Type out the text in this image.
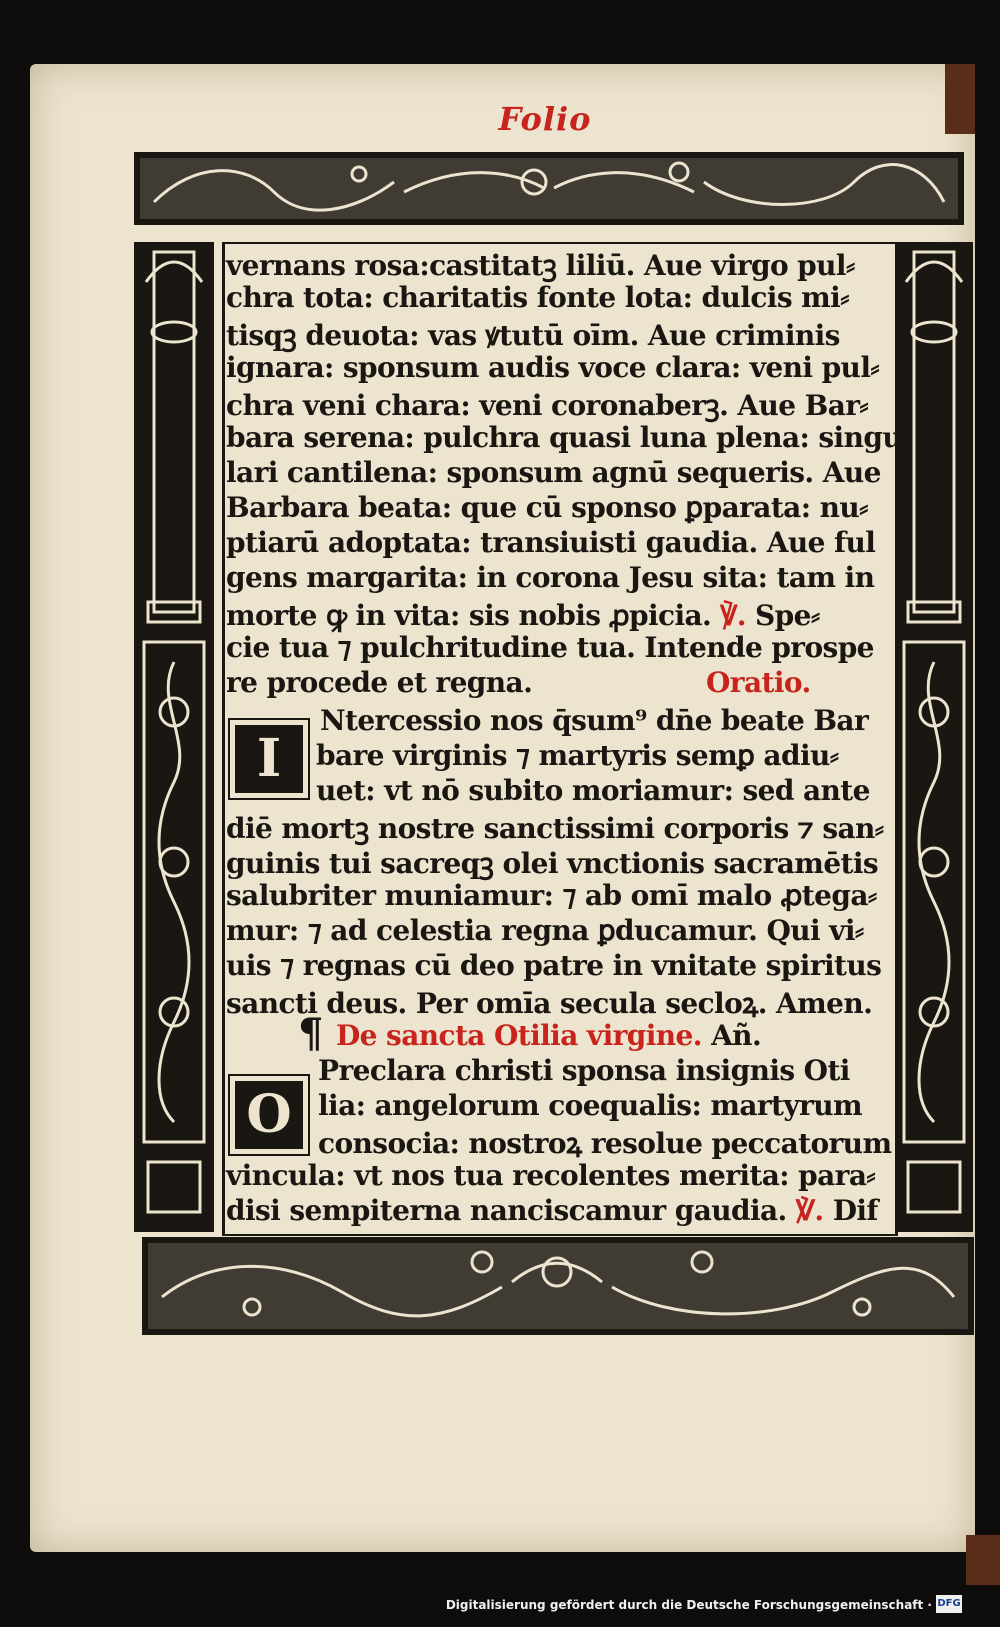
Folio
vernans rosa:castitatꝫ liliū. Aue virgo pul⸗
chra tota: charitatis fonte lota: dulcis mi⸗
tisqꝫ deuota: vas ꝟtutū oīm. Aue criminis
ignara: sponsum audis voce clara: veni pul⸗
chra veni chara: veni coronaberꝫ. Aue Bar⸗
bara serena: pulchra quasi luna plena: singu
lari cantilena: sponsum agnū sequeris. Aue
Barbara beata: que cū sponso ꝑparata: nu⸗
ptiarū adoptata: transiuisti gaudia. Aue ful
gens margarita: in corona Jesu sita: tam in
morte ꝙ in vita: sis nobis ꝓpicia. ℣. Spe⸗
cie tua ⁊ pulchritudine tua. Intende prospe
re procede et regna.	Oratio.
I
Ntercessio nos q̄sum⁹ dn̄e beate Bar
bare virginis ⁊ martyris semꝑ adiu⸗
uet: vt nō subito moriamur: sed ante
diē mortꝫ nostre sanctissimi corporis ⁊ san⸗
guinis tui sacreqꝫ olei vnctionis sacramētis
salubriter muniamur: ⁊ ab omī malo ꝓtega⸗
mur: ⁊ ad celestia regna ꝑducamur. Qui vi⸗
uis ⁊ regnas cū deo patre in vnitate spiritus
sancti deus. Per omīa secula secloꝝ. Amen.
¶ De sancta Otilia virgine. Añ.
O
Preclara christi sponsa insignis Oti
lia: angelorum coequalis: martyrum
consocia: nostroꝝ resolue peccatorum
vincula: vt nos tua recolentes merita: para⸗
disi sempiterna nanciscamur gaudia. ℣. Dif
Digitalisierung gefördert durch die Deutsche Forschungsgemeinschaft · DFG
